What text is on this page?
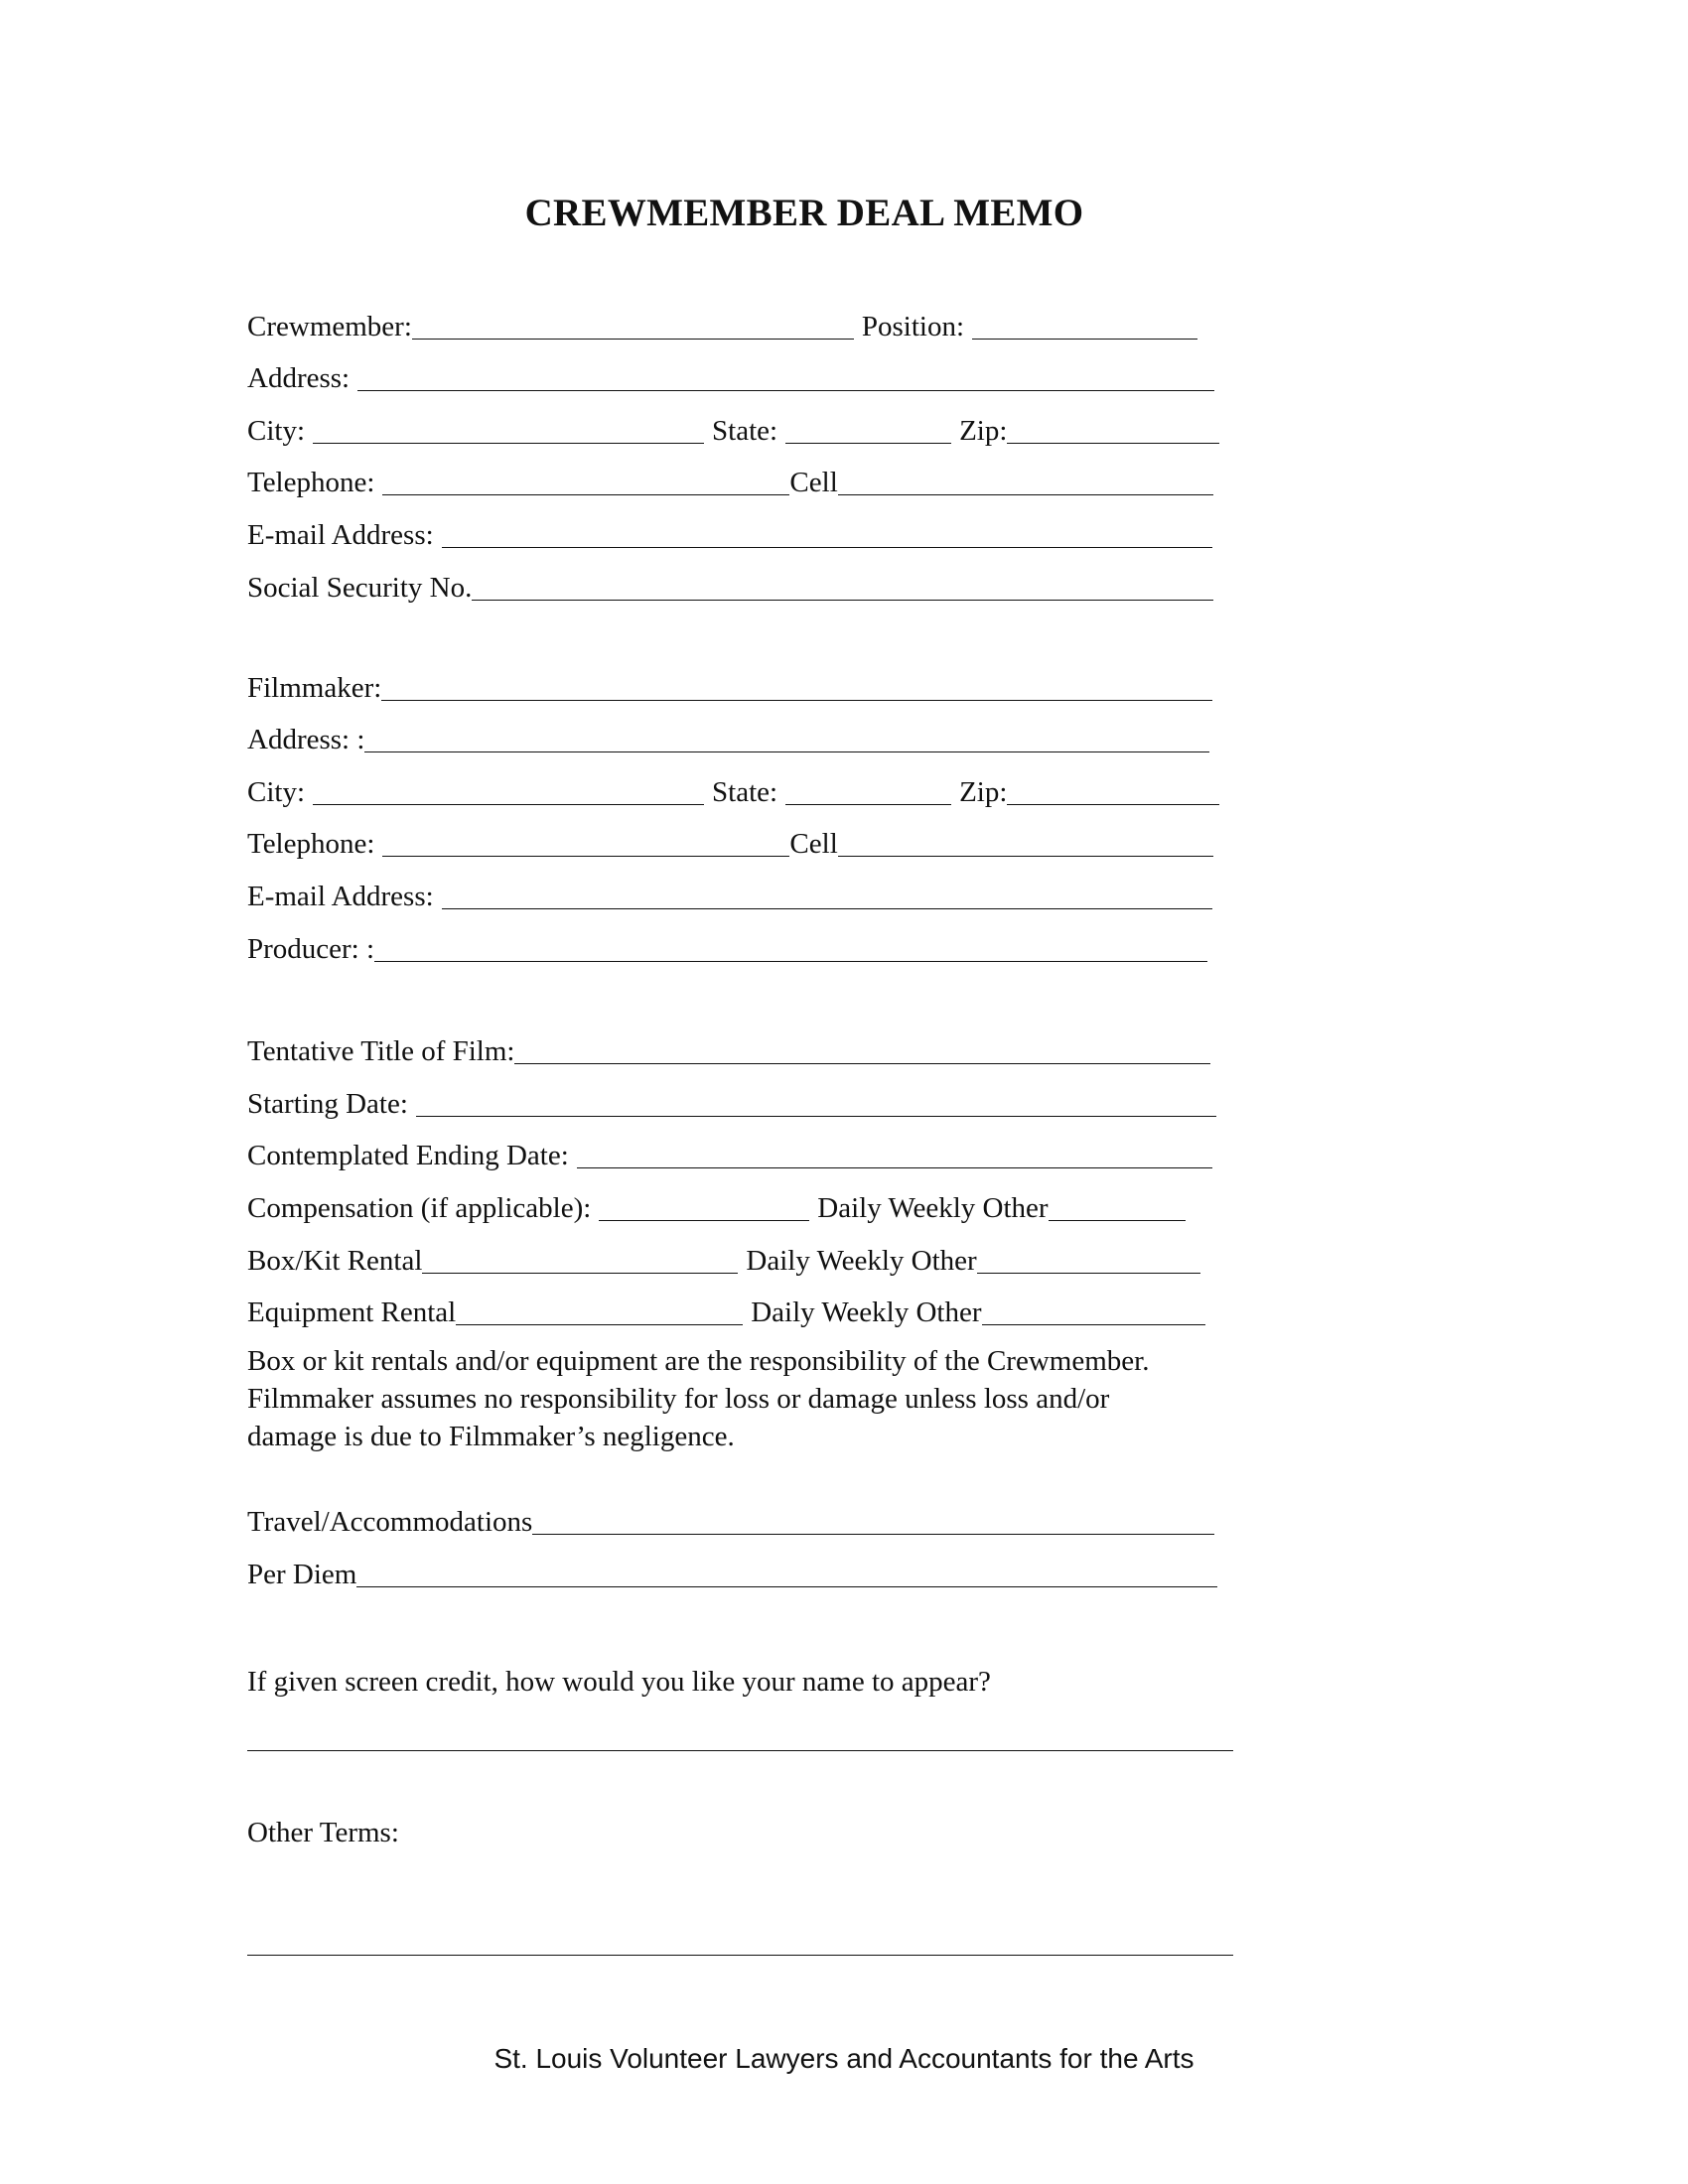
CREWMEMBER DEAL MEMO
Crewmember:	Position:
Address:
City:	State:	Zip:
Telephone:	Cell
E-mail Address:
Social Security No.
Filmmaker:
Address: :
City:	State:	Zip:
Telephone:	Cell
E-mail Address:
Producer: :
Tentative Title of Film:
Starting Date:
Contemplated Ending Date:
Compensation (if applicable):	Daily Weekly Other
Box/Kit Rental	Daily Weekly Other
Equipment Rental	Daily Weekly Other
Box or kit rentals and/or equipment are the responsibility of the Crewmember.
Filmmaker assumes no responsibility for loss or damage unless loss and/or
damage is due to Filmmaker’s negligence.
Travel/Accommodations
Per Diem
If given screen credit, how would you like your name to appear?
Other Terms:
St. Louis Volunteer Lawyers and Accountants for the Arts
